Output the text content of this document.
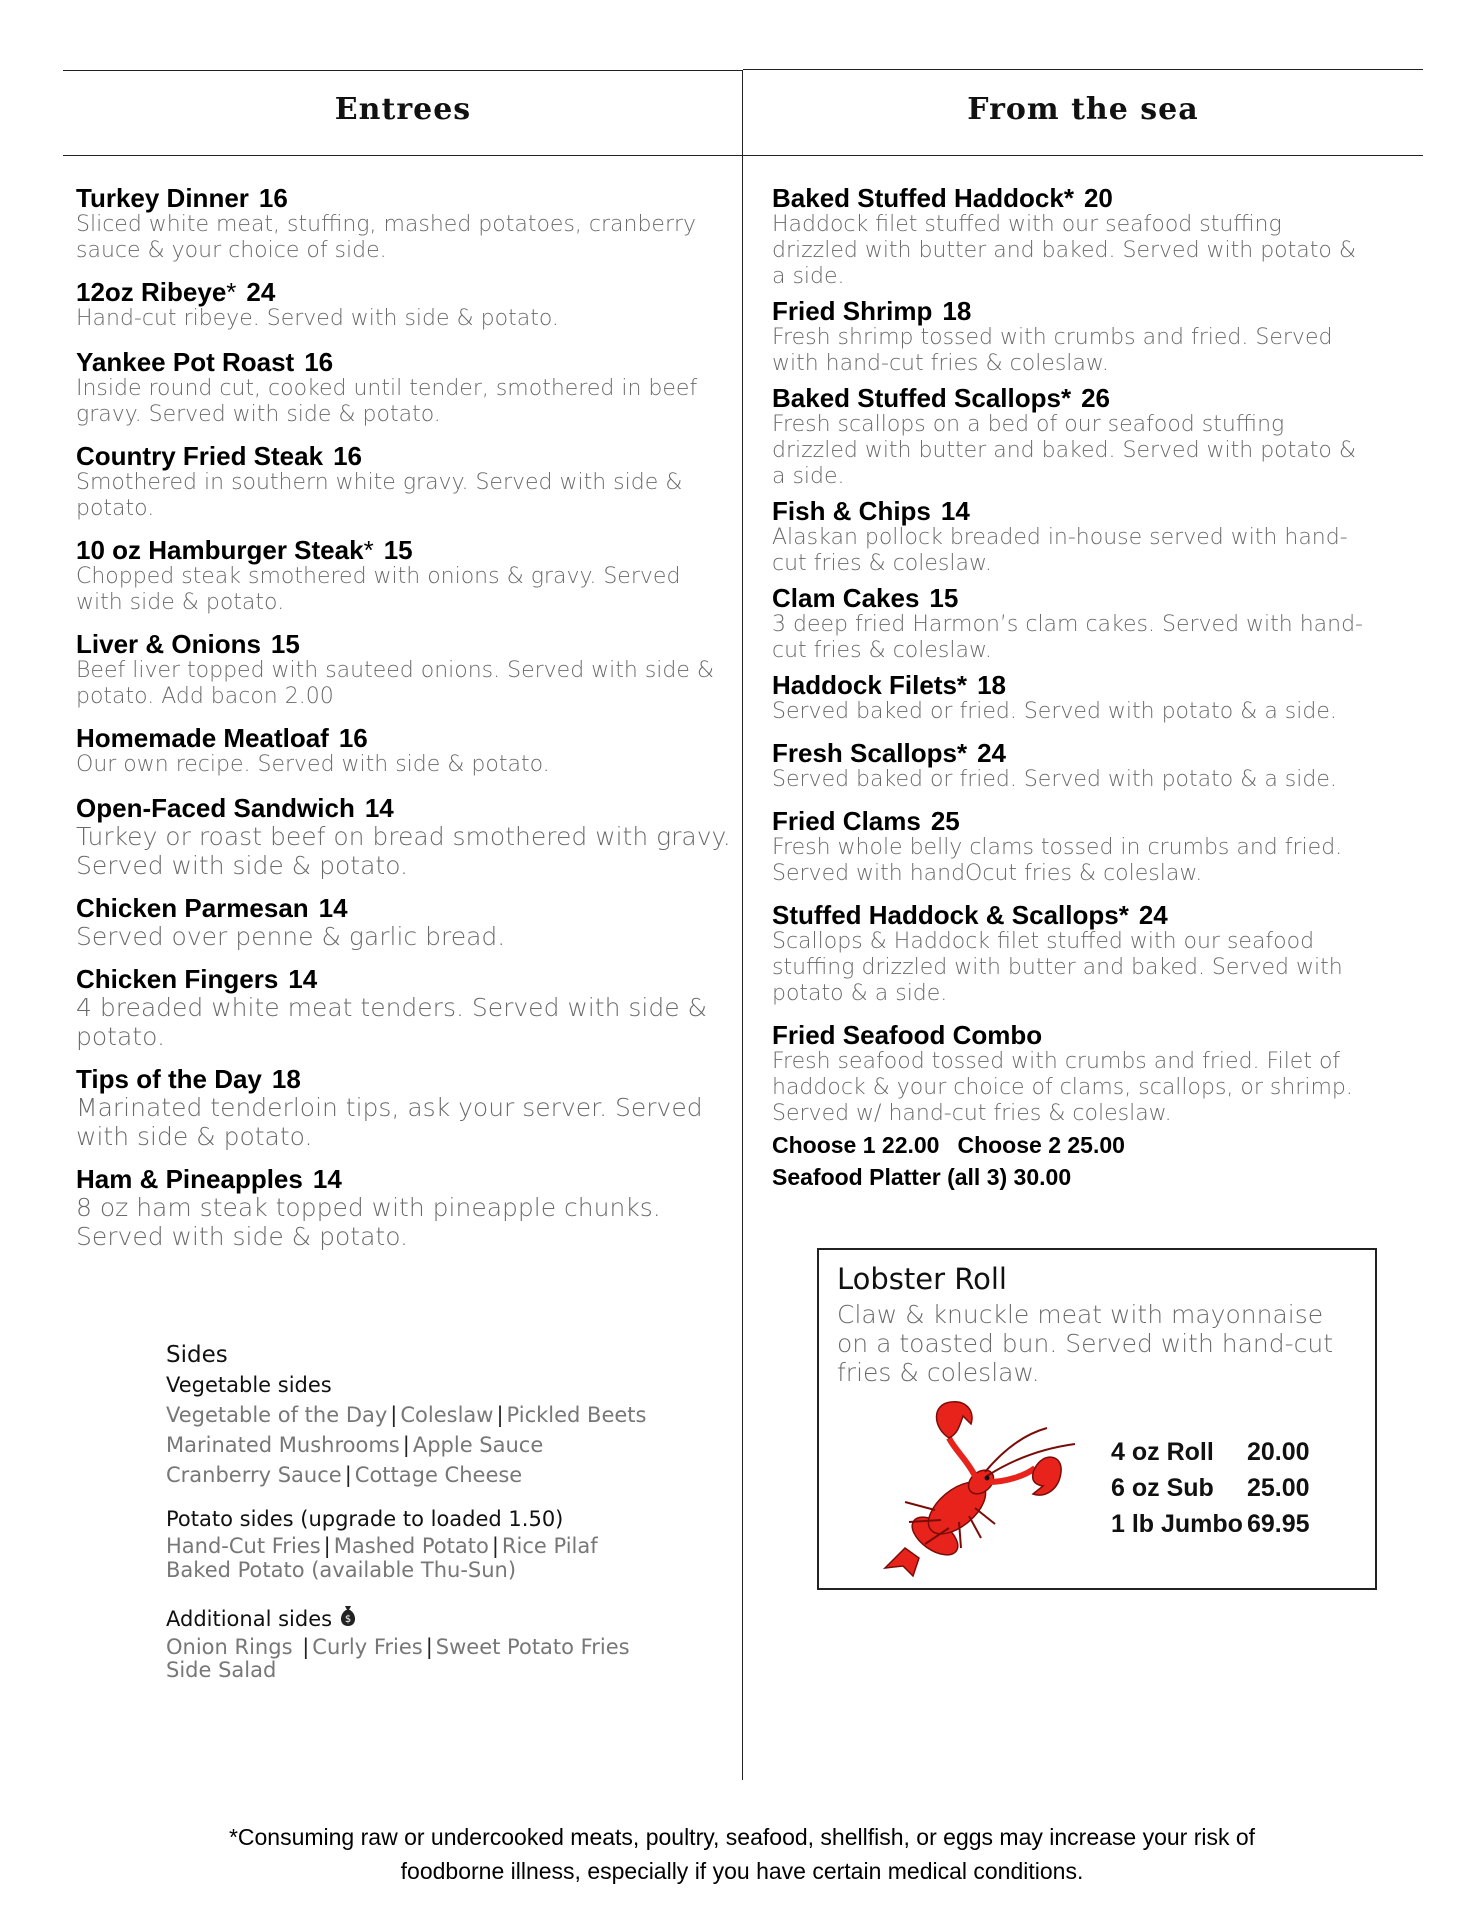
Entrees	From the sea
Turkey Dinner 16
Sliced white meat, stuffing, mashed potatoes, cranberry sauce & your choice of side.
12oz Ribeye* 24
Hand-cut ribeye. Served with side & potato.
Yankee Pot Roast 16
Inside round cut, cooked until tender, smothered in beef gravy. Served with side & potato.
Country Fried Steak 16
Smothered in southern white gravy. Served with side & potato.
10 oz Hamburger Steak* 15
Chopped steak smothered with onions & gravy. Served with side & potato.
Liver & Onions 15
Beef liver topped with sauteed onions. Served with side & potato. Add bacon 2.00
Homemade Meatloaf 16
Our own recipe. Served with side & potato.
Open-Faced Sandwich 14
Turkey or roast beef on bread smothered with gravy. Served with side & potato.
Chicken Parmesan 14
Served over penne & garlic bread.
Chicken Fingers 14
4 breaded white meat tenders. Served with side & potato.
Tips of the Day 18
Marinated tenderloin tips, ask your server. Served with side & potato.
Ham & Pineapples 14
8 oz ham steak topped with pineapple chunks. Served with side & potato.
Sides
Vegetable sides
Vegetable of the Day | Coleslaw | Pickled Beets
Marinated Mushrooms | Apple Sauce
Cranberry Sauce | Cottage Cheese
Potato sides (upgrade to loaded 1.50)
Hand-Cut Fries | Mashed Potato | Rice Pilaf
Baked Potato (available Thu-Sun)
Additional sides $
Onion Rings | Curly Fries | Sweet Potato Fries
Side Salad
Baked Stuffed Haddock* 20
Haddock filet stuffed with our seafood stuffing drizzled with butter and baked. Served with potato & a side.
Fried Shrimp 18
Fresh shrimp tossed with crumbs and fried. Served with hand-cut fries & coleslaw.
Baked Stuffed Scallops* 26
Fresh scallops on a bed of our seafood stuffing drizzled with butter and baked. Served with potato & a side.
Fish & Chips 14
Alaskan pollock breaded in-house served with hand-cut fries & coleslaw.
Clam Cakes 15
3 deep fried Harmon’s clam cakes. Served with hand-cut fries & coleslaw.
Haddock Filets* 18
Served baked or fried. Served with potato & a side.
Fresh Scallops* 24
Served baked or fried. Served with potato & a side.
Fried Clams 25
Fresh whole belly clams tossed in crumbs and fried. Served with handOcut fries & coleslaw.
Stuffed Haddock & Scallops* 24
Scallops & Haddock filet stuffed with our seafood stuffing drizzled with butter and baked. Served with potato & a side.
Fried Seafood Combo
Fresh seafood tossed with crumbs and fried. Filet of haddock & your choice of clams, scallops, or shrimp. Served w/ hand-cut fries & coleslaw.
Choose 1 22.00 Choose 2 25.00
Seafood Platter (all 3) 30.00
Lobster Roll
Claw & knuckle meat with mayonnaise on a toasted bun. Served with hand-cut fries & coleslaw.
4 oz Roll	20.00
6 oz Sub	25.00
1 lb Jumbo 69.95
*Consuming raw or undercooked meats, poultry, seafood, shellfish, or eggs may increase your risk of
foodborne illness, especially if you have certain medical conditions.
